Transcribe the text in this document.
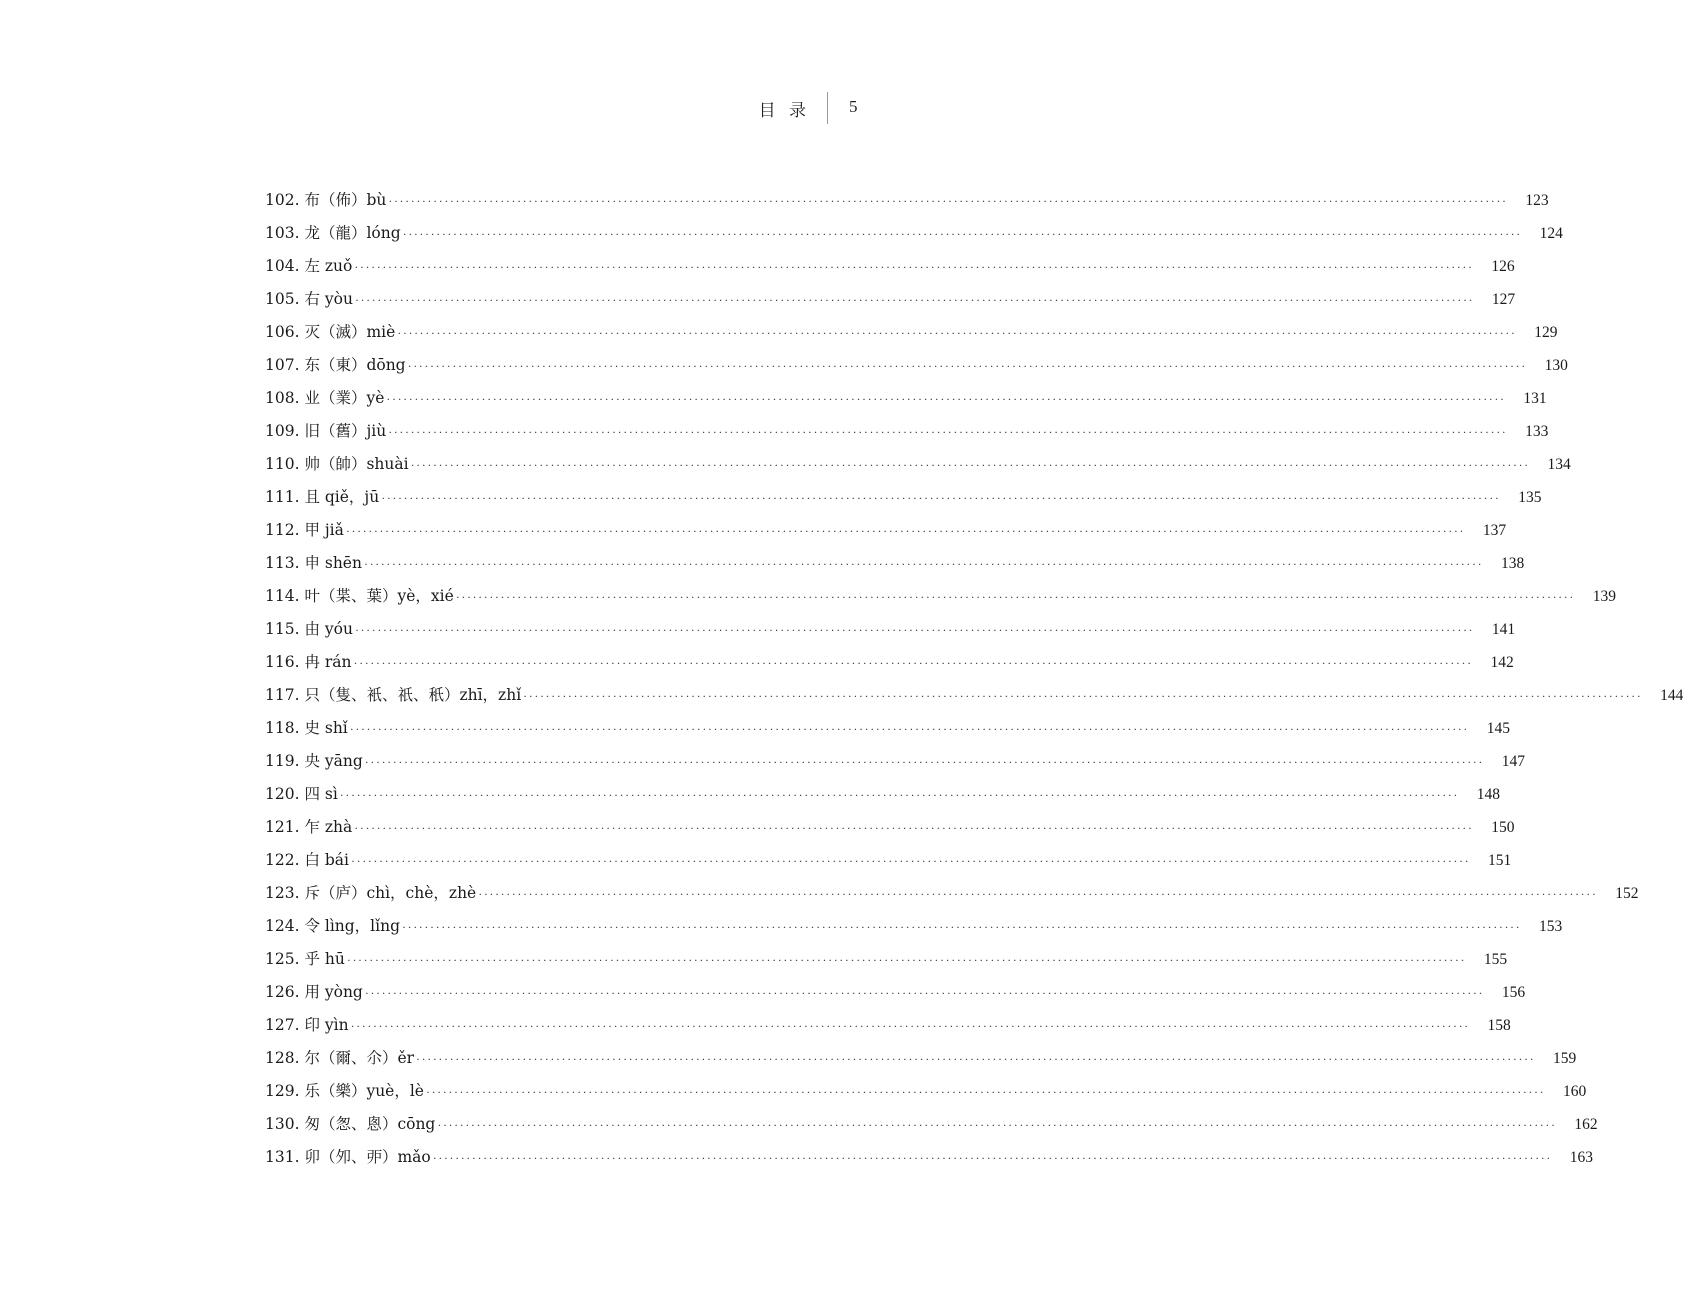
目 录 5
102. 布（佈）bù ········································································································································································································ 123
103. 龙（龍）lóng ········································································································································································································ 124
104. 左 zuǒ ········································································································································································································ 126
105. 右 yòu ········································································································································································································ 127
106. 灭（滅）miè ········································································································································································································ 129
107. 东（東）dōng ········································································································································································································ 130
108. 业（業）yè ········································································································································································································ 131
109. 旧（舊）jiù ········································································································································································································ 133
110. 帅（帥）shuài ········································································································································································································ 134
111. 且 qiě，jū ········································································································································································································ 135
112. 甲 jiǎ ········································································································································································································ 137
113. 申 shēn ········································································································································································································ 138
114. 叶（枼、葉）yè，xié ········································································································································································································ 139
115. 由 yóu ········································································································································································································ 141
116. 冉 rán ········································································································································································································ 142
117. 只（隻、衹、祇、秖）zhī，zhǐ ········································································································································································································ 144
118. 史 shǐ ········································································································································································································ 145
119. 央 yāng ········································································································································································································ 147
120. 四 sì ········································································································································································································ 148
121. 乍 zhà ········································································································································································································ 150
122. 白 bái ········································································································································································································ 151
123. 斥（庐）chì，chè，zhè ········································································································································································································ 152
124. 令 lìng，lǐng ········································································································································································································ 153
125. 乎 hū ········································································································································································································ 155
126. 用 yòng ········································································································································································································ 156
127. 印 yìn ········································································································································································································ 158
128. 尔（爾、尒）ěr ········································································································································································································ 159
129. 乐（樂）yuè，lè ········································································································································································································ 160
130. 匆（怱、悤）cōng ········································································································································································································ 162
131. 卯（夘、戼）mǎo ········································································································································································································ 163
